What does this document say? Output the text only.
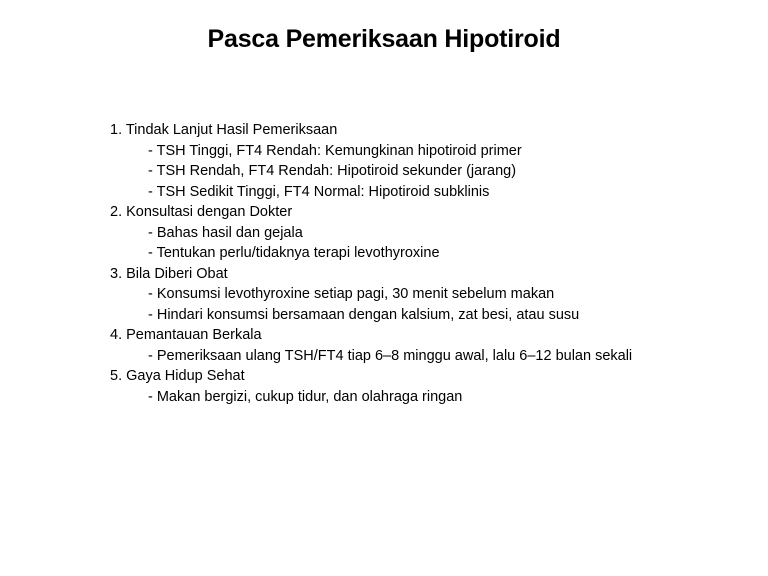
Pasca Pemeriksaan Hipotiroid
1. Tindak Lanjut Hasil Pemeriksaan
- TSH Tinggi, FT4 Rendah: Kemungkinan hipotiroid primer
- TSH Rendah, FT4 Rendah: Hipotiroid sekunder (jarang)
- TSH Sedikit Tinggi, FT4 Normal: Hipotiroid subklinis
2. Konsultasi dengan Dokter
- Bahas hasil dan gejala
- Tentukan perlu/tidaknya terapi levothyroxine
3. Bila Diberi Obat
- Konsumsi levothyroxine setiap pagi, 30 menit sebelum makan
- Hindari konsumsi bersamaan dengan kalsium, zat besi, atau susu
4. Pemantauan Berkala
- Pemeriksaan ulang TSH/FT4 tiap 6–8 minggu awal, lalu 6–12 bulan sekali
5. Gaya Hidup Sehat
- Makan bergizi, cukup tidur, dan olahraga ringan
